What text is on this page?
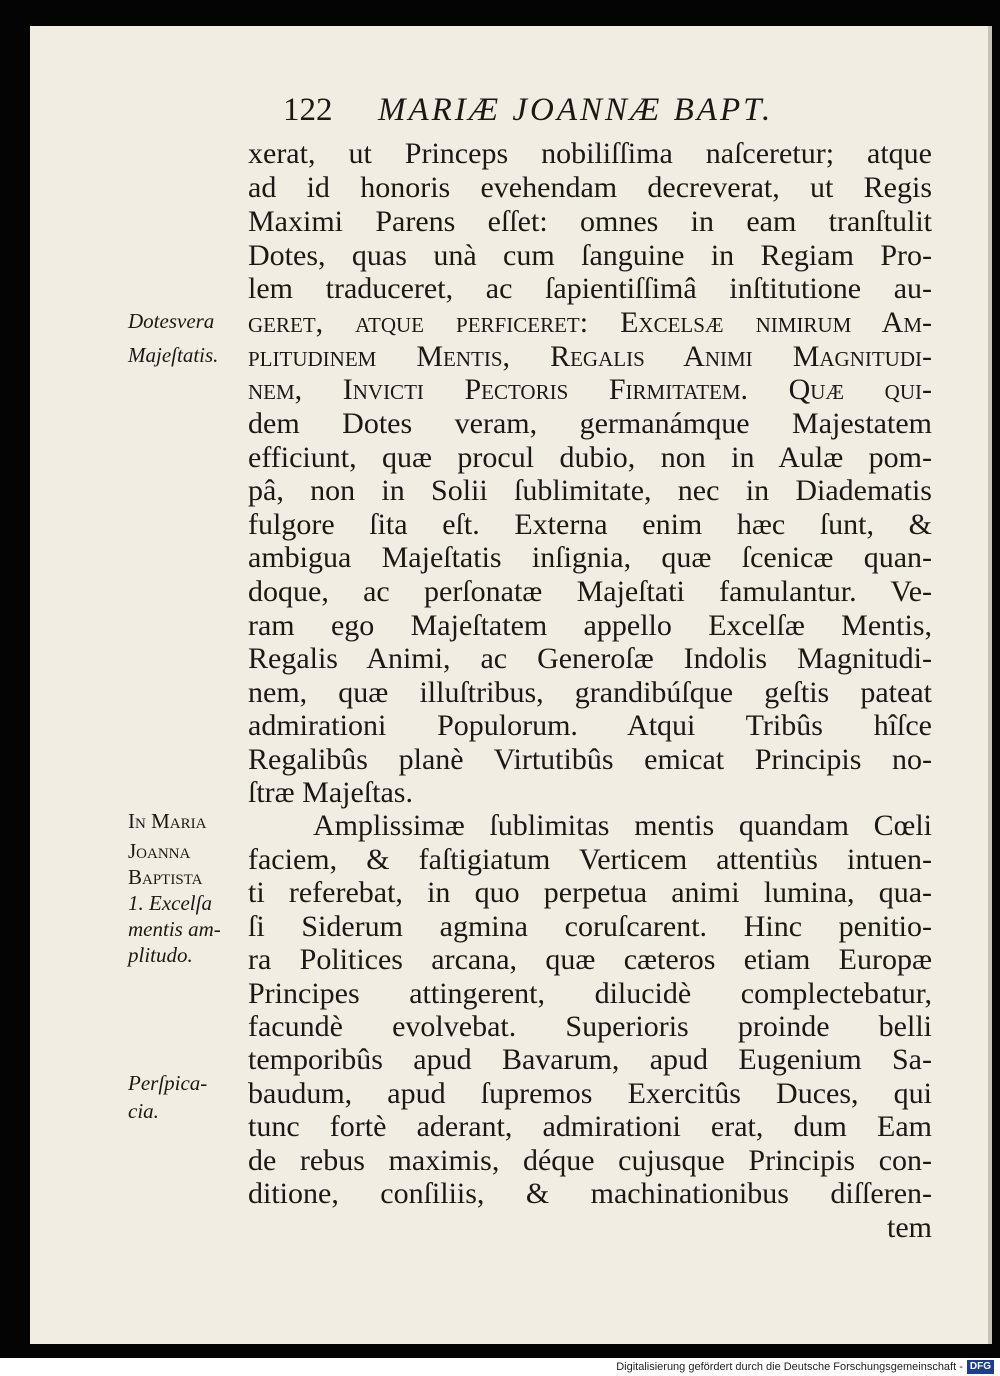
122 MARIÆ JOANNÆ BAPT.
Dotesvera
Majeſtatis.
In Maria
Joanna
Baptista
1. Excelſa
mentis am-
plitudo.
Perſpica-
cia.
xerat, ut Princeps nobiliſſima naſceretur; atque
ad id honoris evehendam decreverat, ut Regis
Maximi Parens eſſet: omnes in eam tranſtulit
Dotes, quas unà cum ſanguine in Regiam Pro-
lem traduceret, ac ſapientiſſimâ inſtitutione au-
geret, atque perficeret: Excelsæ nimirum Am-
plitudinem Mentis, Regalis Animi Magnitudi-
nem, Invicti Pectoris Firmitatem. Quæ qui-
dem Dotes veram, germanámque Majestatem
efficiunt, quæ procul dubio, non in Aulæ pom-
pâ, non in Solii ſublimitate, nec in Diadematis
fulgore ſita eſt. Externa enim hæc ſunt, &
ambigua Majeſtatis inſignia, quæ ſcenicæ quan-
doque, ac perſonatæ Majeſtati famulantur. Ve-
ram ego Majeſtatem appello Excelſæ Mentis,
Regalis Animi, ac Generoſæ Indolis Magnitudi-
nem, quæ illuſtribus, grandibúſque geſtis pateat
admirationi Populorum. Atqui Tribûs hîſce
Regalibûs planè Virtutibûs emicat Principis no-
ſtræ Majeſtas.
Amplissimæ ſublimitas mentis quandam Cœli
faciem, & faſtigiatum Verticem attentiùs intuen-
ti referebat, in quo perpetua animi lumina, qua-
ſi Siderum agmina coruſcarent. Hinc penitio-
ra Politices arcana, quæ cæteros etiam Europæ
Principes attingerent, dilucidè complectebatur,
facundè evolvebat. Superioris proinde belli
temporibûs apud Bavarum, apud Eugenium Sa-
baudum, apud ſupremos Exercitûs Duces, qui
tunc fortè aderant, admirationi erat, dum Eam
de rebus maximis, déque cujusque Principis con-
ditione, conſiliis, & machinationibus diſſeren-
tem
Digitalisierung gefördert durch die Deutsche Forschungsgemeinschaft - DFG
